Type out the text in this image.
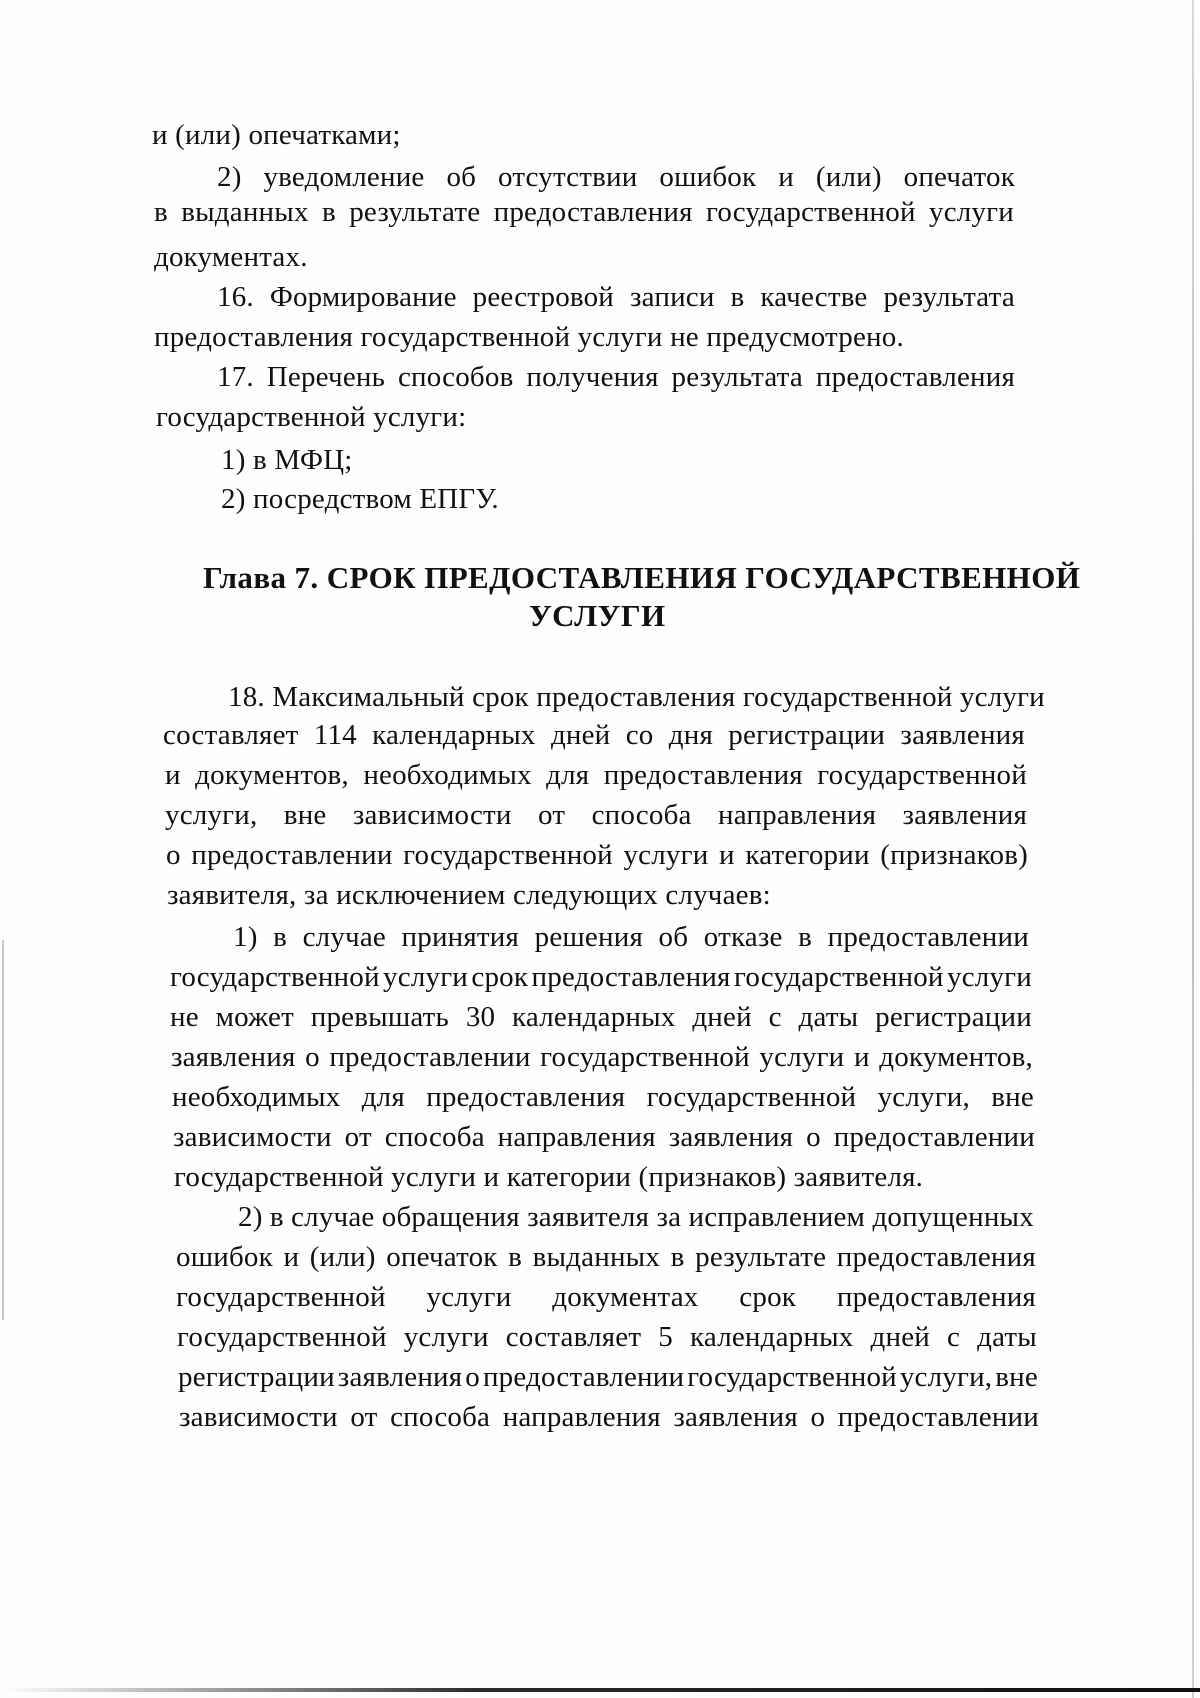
и (или) опечатками;
2) уведомление об отсутствии ошибок и (или) опечаток
в выданных в результате предоставления государственной услуги
документах.
16. Формирование реестровой записи в качестве результата
предоставления государственной услуги не предусмотрено.
17. Перечень способов получения результата предоставления
государственной услуги:
1) в МФЦ;
2) посредством ЕПГУ.
Глава 7. СРОК ПРЕДОСТАВЛЕНИЯ ГОСУДАРСТВЕННОЙ
УСЛУГИ
18. Максимальный срок предоставления государственной услуги
составляет 114 календарных дней со дня регистрации заявления
и документов, необходимых для предоставления государственной
услуги, вне зависимости от способа направления заявления
о предоставлении государственной услуги и категории (признаков)
заявителя, за исключением следующих случаев:
1) в случае принятия решения об отказе в предоставлении
государственной услуги срок предоставления государственной услуги
не может превышать 30 календарных дней с даты регистрации
заявления о предоставлении государственной услуги и документов,
необходимых для предоставления государственной услуги, вне
зависимости от способа направления заявления о предоставлении
государственной услуги и категории (признаков) заявителя.
2) в случае обращения заявителя за исправлением допущенных
ошибок и (или) опечаток в выданных в результате предоставления
государственной услуги документах срок предоставления
государственной услуги составляет 5 календарных дней с даты
регистрации заявления о предоставлении государственной услуги, вне
зависимости от способа направления заявления о предоставлении
